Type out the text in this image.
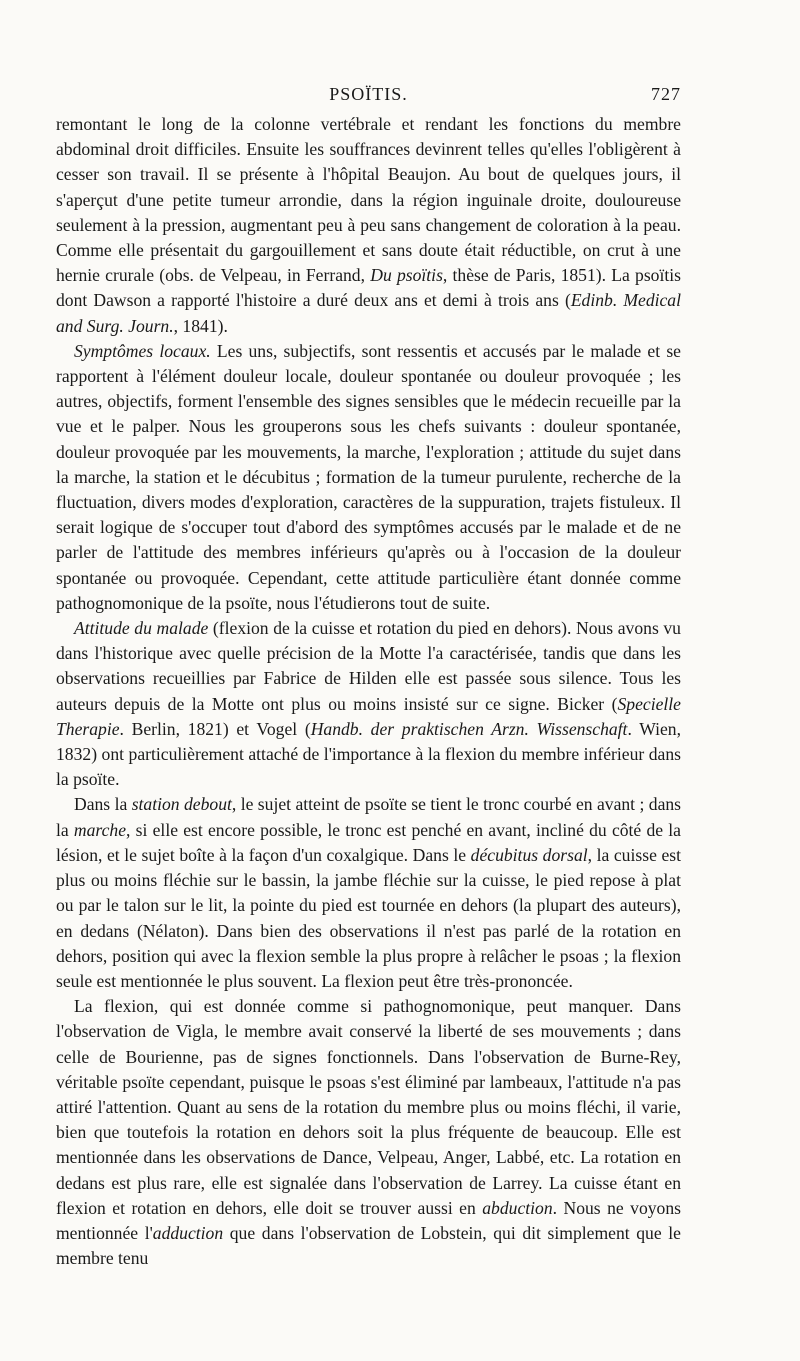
PSOÏTIS.	727

remontant le long de la colonne vertébrale et rendant les fonctions du membre abdominal droit difficiles. Ensuite les souffrances devinrent telles qu'elles l'obligèrent à cesser son travail. Il se présente à l'hôpital Beaujon. Au bout de quelques jours, il s'aperçut d'une petite tumeur arrondie, dans la région inguinale droite, douloureuse seulement à la pression, augmentant peu à peu sans changement de coloration à la peau. Comme elle présentait du gargouillement et sans doute était réductible, on crut à une hernie crurale (obs. de Velpeau, in Ferrand, Du psoïtis, thèse de Paris, 1851). La psoïtis dont Dawson a rapporté l'histoire a duré deux ans et demi à trois ans (Edinb. Medical and Surg. Journ., 1841).

Symptômes locaux. Les uns, subjectifs, sont ressentis et accusés par le malade et se rapportent à l'élément douleur locale, douleur spontanée ou douleur provoquée ; les autres, objectifs, forment l'ensemble des signes sensibles que le médecin recueille par la vue et le palper. Nous les grouperons sous les chefs suivants : douleur spontanée, douleur provoquée par les mouvements, la marche, l'exploration ; attitude du sujet dans la marche, la station et le décubitus ; formation de la tumeur purulente, recherche de la fluctuation, divers modes d'exploration, caractères de la suppuration, trajets fistuleux. Il serait logique de s'occuper tout d'abord des symptômes accusés par le malade et de ne parler de l'attitude des membres inférieurs qu'après ou à l'occasion de la douleur spontanée ou provoquée. Cependant, cette attitude particulière étant donnée comme pathognomonique de la psoïte, nous l'étudierons tout de suite.

Attitude du malade (flexion de la cuisse et rotation du pied en dehors). Nous avons vu dans l'historique avec quelle précision de la Motte l'a caractérisée, tandis que dans les observations recueillies par Fabrice de Hilden elle est passée sous silence. Tous les auteurs depuis de la Motte ont plus ou moins insisté sur ce signe. Bicker (Specielle Therapie. Berlin, 1821) et Vogel (Handb. der praktischen Arzn. Wissenschaft. Wien, 1832) ont particulièrement attaché de l'importance à la flexion du membre inférieur dans la psoïte.

Dans la station debout, le sujet atteint de psoïte se tient le tronc courbé en avant ; dans la marche, si elle est encore possible, le tronc est penché en avant, incliné du côté de la lésion, et le sujet boîte à la façon d'un coxalgique. Dans le décubitus dorsal, la cuisse est plus ou moins fléchie sur le bassin, la jambe fléchie sur la cuisse, le pied repose à plat ou par le talon sur le lit, la pointe du pied est tournée en dehors (la plupart des auteurs), en dedans (Nélaton). Dans bien des observations il n'est pas parlé de la rotation en dehors, position qui avec la flexion semble la plus propre à relâcher le psoas ; la flexion seule est mentionnée le plus souvent. La flexion peut être très-prononcée.

La flexion, qui est donnée comme si pathognomonique, peut manquer. Dans l'observation de Vigla, le membre avait conservé la liberté de ses mouvements ; dans celle de Bourienne, pas de signes fonctionnels. Dans l'observation de Burne-Rey, véritable psoïte cependant, puisque le psoas s'est éliminé par lambeaux, l'attitude n'a pas attiré l'attention. Quant au sens de la rotation du membre plus ou moins fléchi, il varie, bien que toutefois la rotation en dehors soit la plus fréquente de beaucoup. Elle est mentionnée dans les observations de Dance, Velpeau, Anger, Labbé, etc. La rotation en dedans est plus rare, elle est signalée dans l'observation de Larrey. La cuisse étant en flexion et rotation en dehors, elle doit se trouver aussi en abduction. Nous ne voyons mentionnée l'adduction que dans l'observation de Lobstein, qui dit simplement que le membre tenu
